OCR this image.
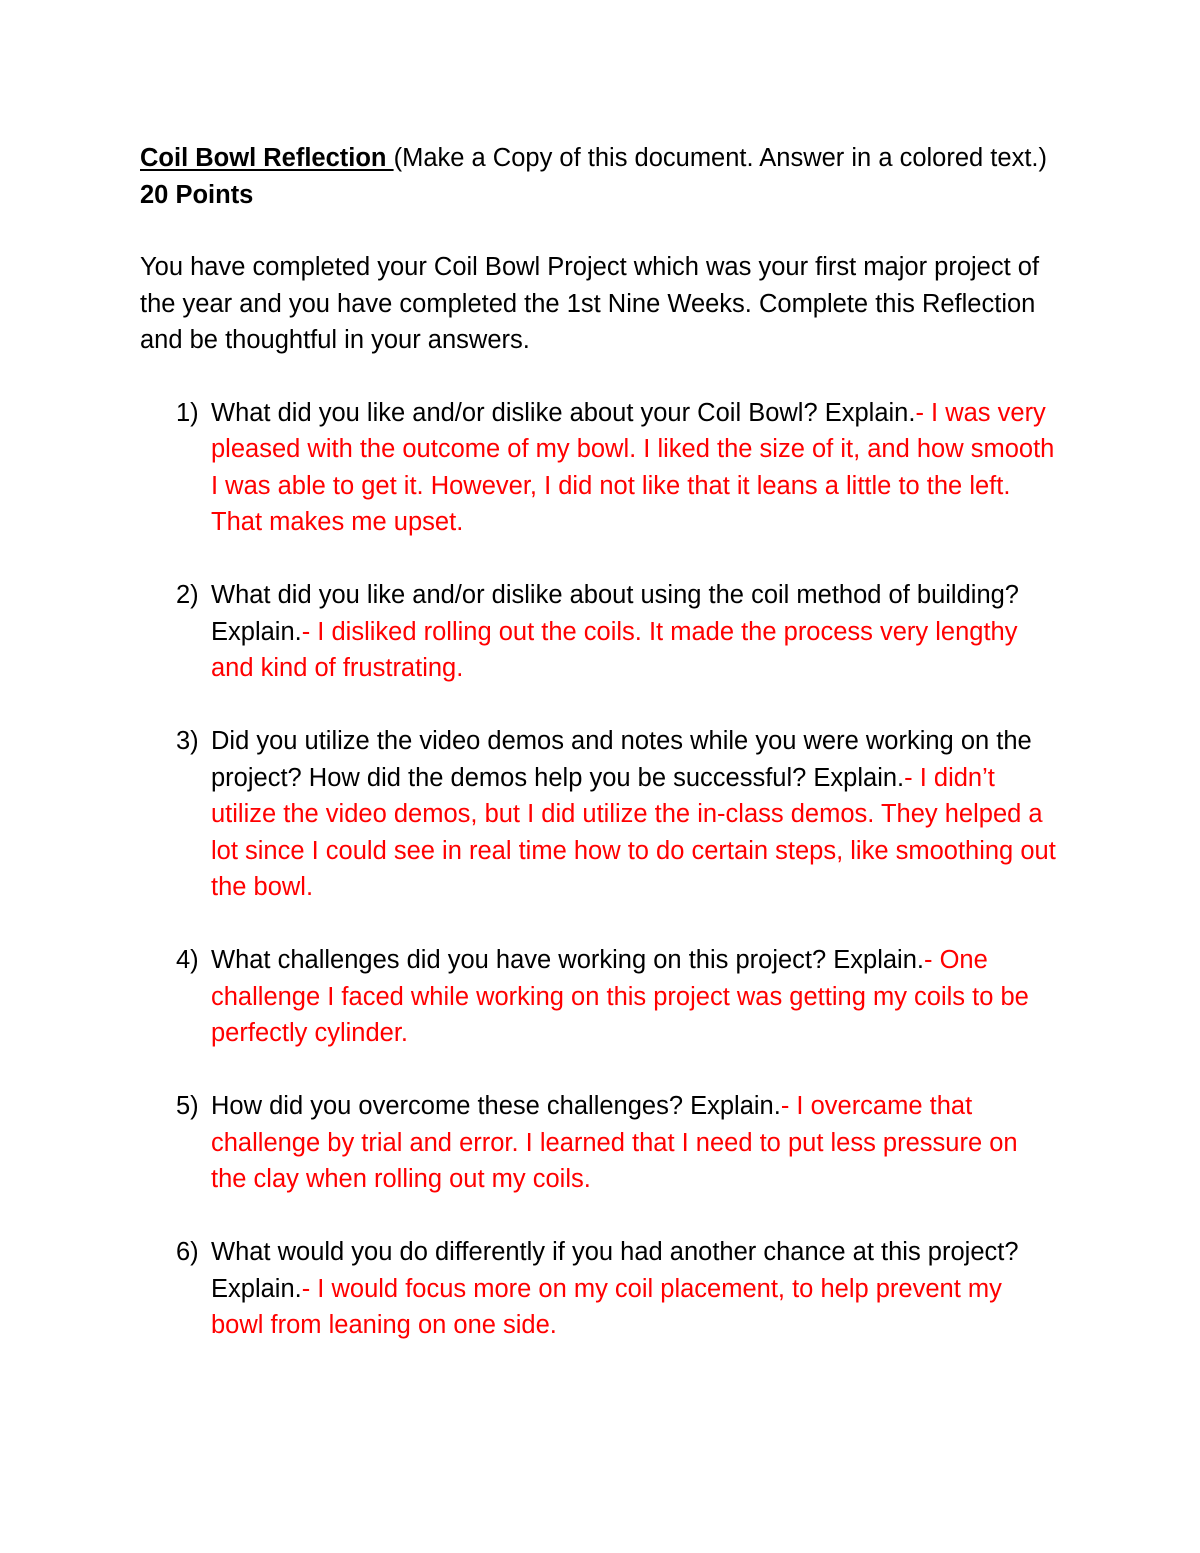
Coil Bowl Reflection (Make a Copy of this document. Answer in a colored text.) 20 Points

You have completed your Coil Bowl Project which was your first major project of the year and you have completed the 1st Nine Weeks. Complete this Reflection and be thoughtful in your answers.

1) What did you like and/or dislike about your Coil Bowl? Explain.- I was very pleased with the outcome of my bowl. I liked the size of it, and how smooth I was able to get it. However, I did not like that it leans a little to the left. That makes me upset.
2) What did you like and/or dislike about using the coil method of building? Explain.- I disliked rolling out the coils. It made the process very lengthy and kind of frustrating.
3) Did you utilize the video demos and notes while you were working on the project? How did the demos help you be successful? Explain.- I didn’t utilize the video demos, but I did utilize the in-class demos. They helped a lot since I could see in real time how to do certain steps, like smoothing out the bowl.
4) What challenges did you have working on this project? Explain.- One challenge I faced while working on this project was getting my coils to be perfectly cylinder.
5) How did you overcome these challenges? Explain.- I overcame that challenge by trial and error. I learned that I need to put less pressure on the clay when rolling out my coils.
6) What would you do differently if you had another chance at this project? Explain.- I would focus more on my coil placement, to help prevent my bowl from leaning on one side.
